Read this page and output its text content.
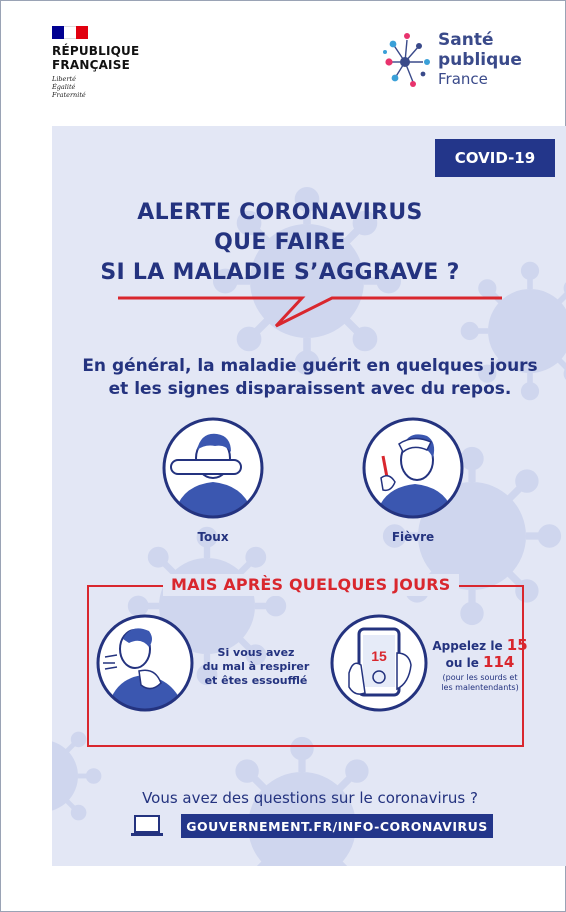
RÉPUBLIQUE
FRANÇAISE
Liberté
Égalité
Fraternité
Santé
publique
France
COVID-19
ALERTE CORONAVIRUS
QUE FAIRE
SI LA MALADIE S’AGGRAVE ?
En général, la maladie guérit en quelques jours
et les signes disparaissent avec du repos.
Toux	Fièvre
MAIS APRÈS QUELQUES JOURS
Si vous avez
du mal à respirer
et êtes essoufflé
15
Appelez le 15
ou le 114
(pour les sourds et
les malentendants)
Vous avez des questions sur le coronavirus ?
GOUVERNEMENT.FR/INFO-CORONAVIRUS
